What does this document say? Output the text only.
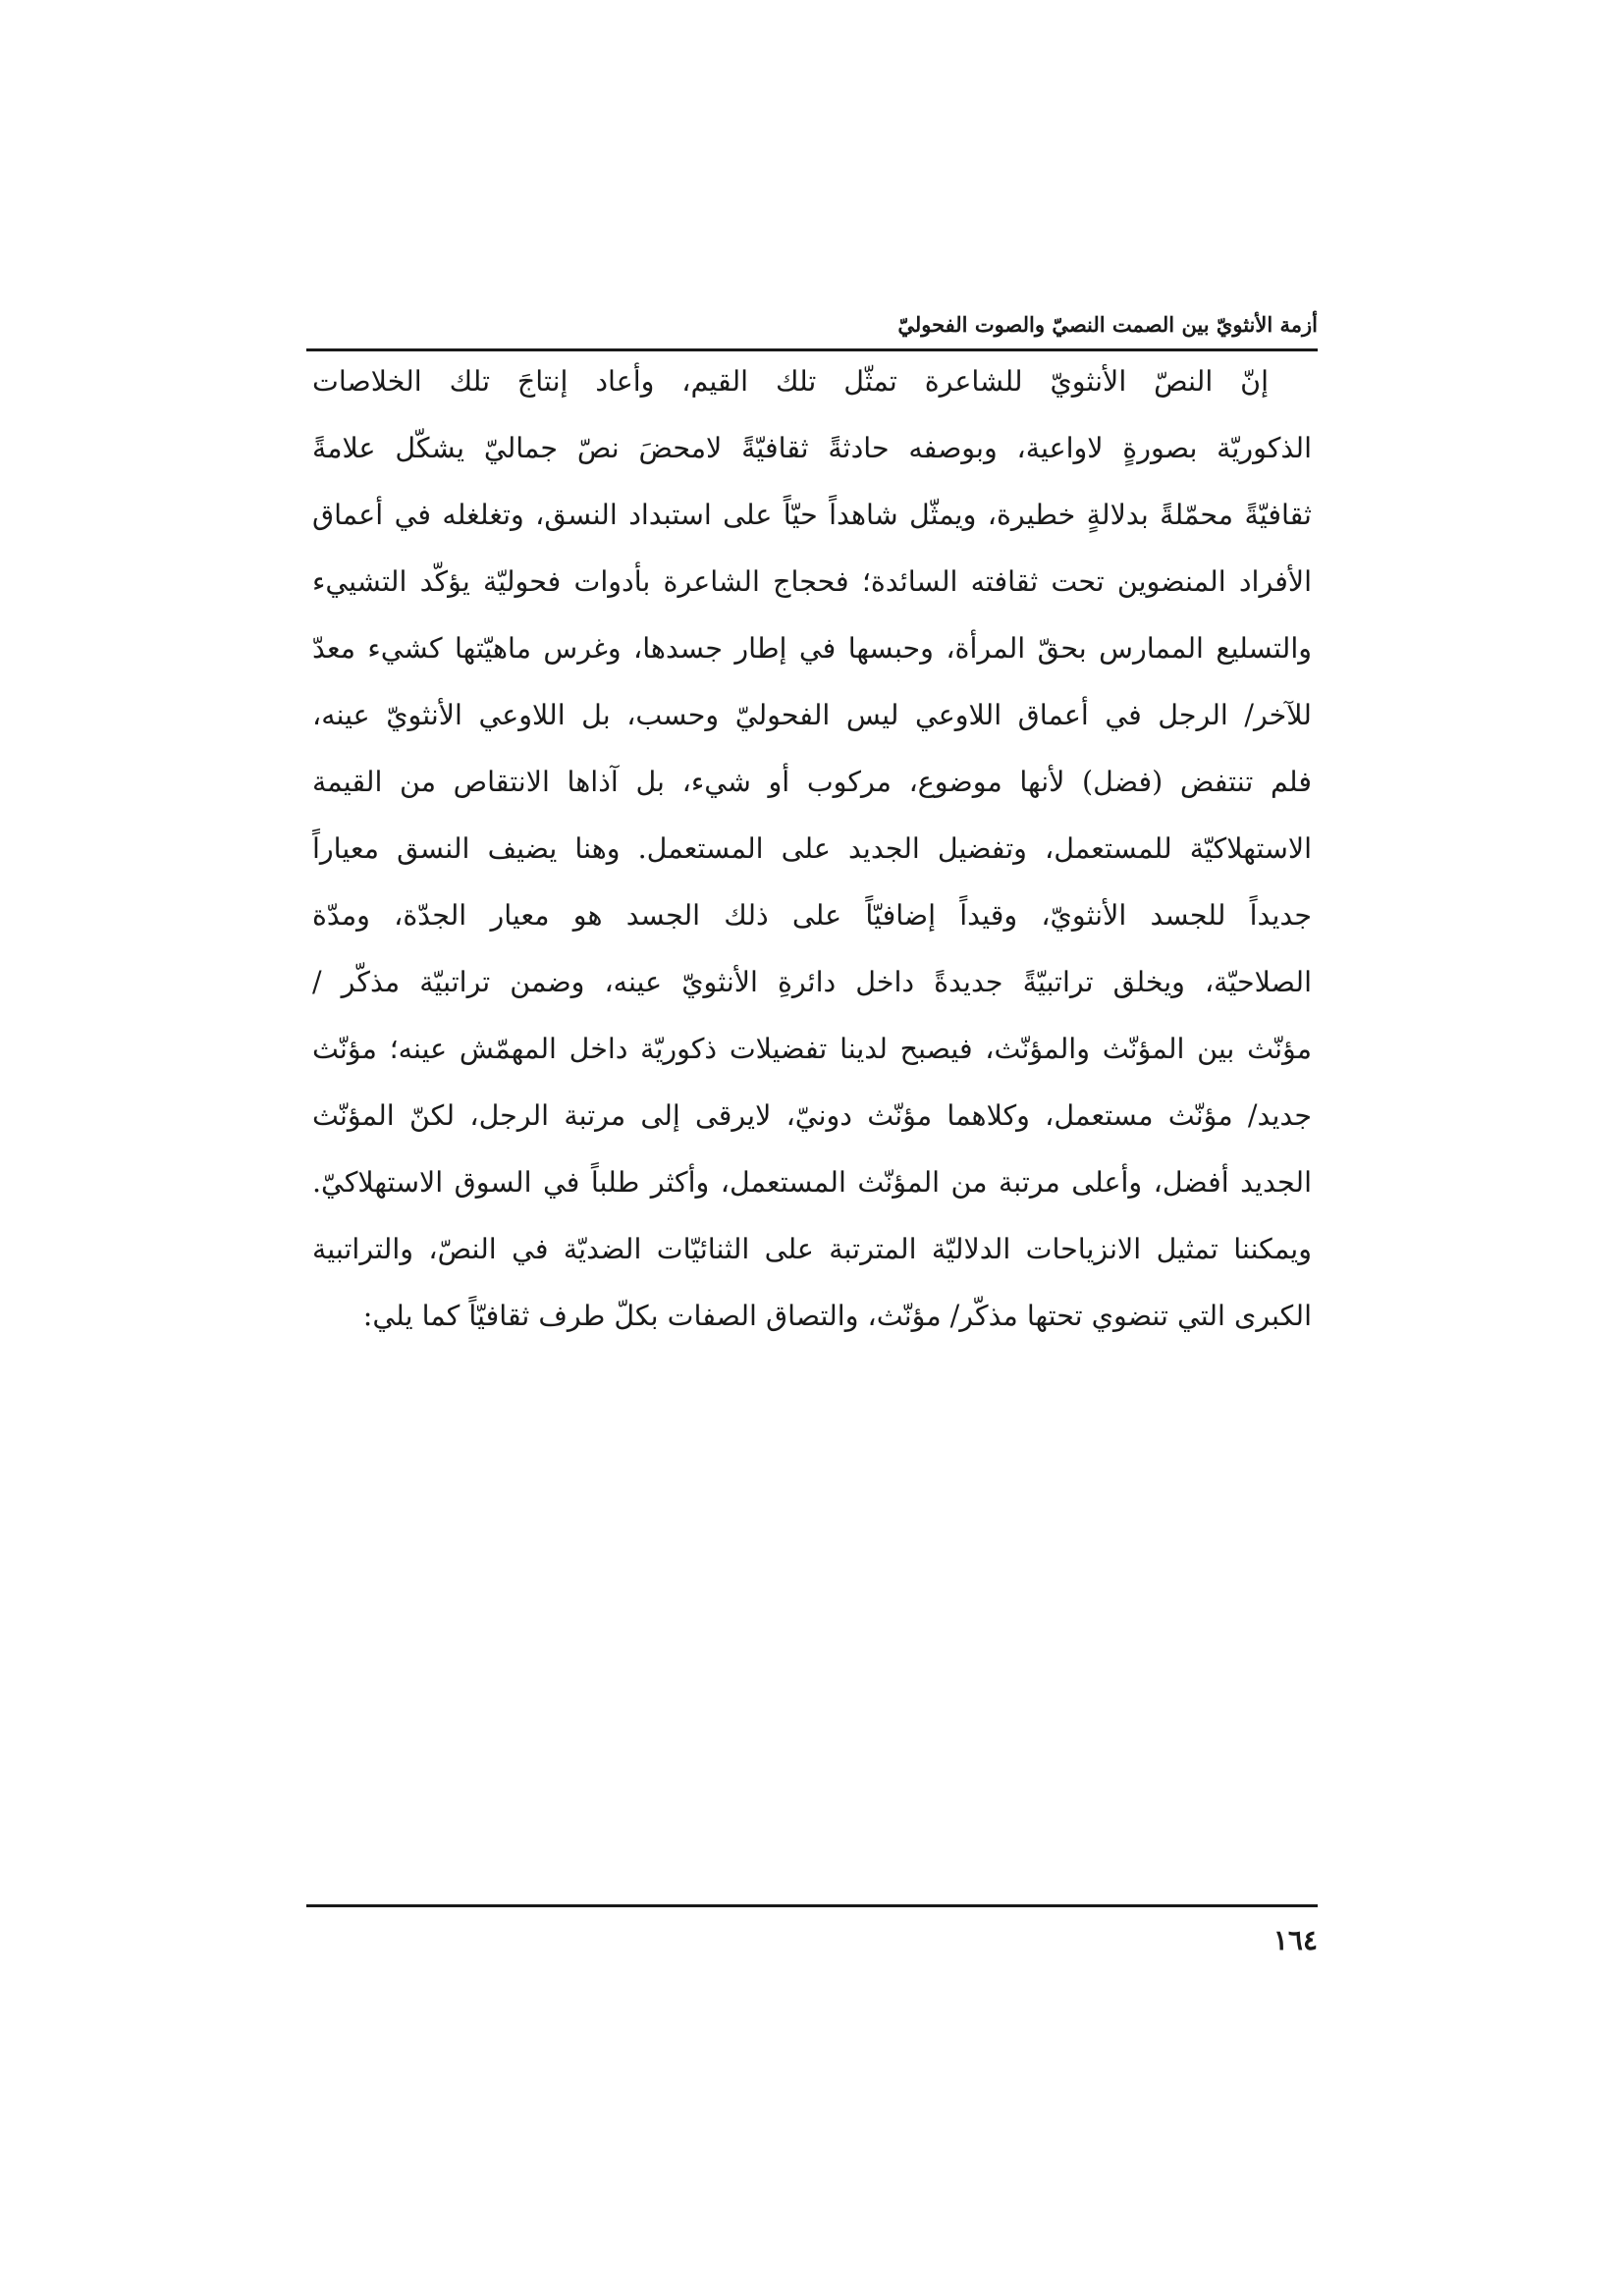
أزمة الأنثويّ بين الصمت النصيّ والصوت الفحوليّ
إنّ النصّ الأنثويّ للشاعرة تمثّل تلك القيم، وأعاد إنتاجَ تلك الخلاصات
الذكوريّة بصورةٍ لاواعية، وبوصفه حادثةً ثقافيّةً لامحضَ نصّ جماليّ يشكّل علامةً
ثقافيّةً محمّلةً بدلالةٍ خطيرة، ويمثّل شاهداً حيّاً على استبداد النسق، وتغلغله في أعماق
الأفراد المنضوين تحت ثقافته السائدة؛ فحجاج الشاعرة بأدوات فحوليّة يؤكّد التشييء
والتسليع الممارس بحقّ المرأة، وحبسها في إطار جسدها، وغرس ماهيّتها كشيء معدّ
للآخر/ الرجل في أعماق اللاوعي ليس الفحوليّ وحسب، بل اللاوعي الأنثويّ عينه،
فلم تنتفض (فضل) لأنها موضوع، مركوب أو شيء، بل آذاها الانتقاص من القيمة
الاستهلاكيّة للمستعمل، وتفضيل الجديد على المستعمل. وهنا يضيف النسق معياراً
جديداً للجسد الأنثويّ، وقيداً إضافيّاً على ذلك الجسد هو معيار الجدّة، ومدّة
الصلاحيّة، ويخلق تراتبيّةً جديدةً داخل دائرةِ الأنثويّ عينه، وضمن تراتبيّة مذكّر /
مؤنّث بين المؤنّث والمؤنّث، فيصبح لدينا تفضيلات ذكوريّة داخل المهمّش عينه؛ مؤنّث
جديد/ مؤنّث مستعمل، وكلاهما مؤنّث دونيّ، لايرقى إلى مرتبة الرجل، لكنّ المؤنّث
الجديد أفضل، وأعلى مرتبة من المؤنّث المستعمل، وأكثر طلباً في السوق الاستهلاكيّ.
ويمكننا تمثيل الانزياحات الدلاليّة المترتبة على الثنائيّات الضديّة في النصّ، والتراتبية
الكبرى التي تنضوي تحتها مذكّر/ مؤنّث، والتصاق الصفات بكلّ طرف ثقافيّاً كما يلي:
١٦٤
